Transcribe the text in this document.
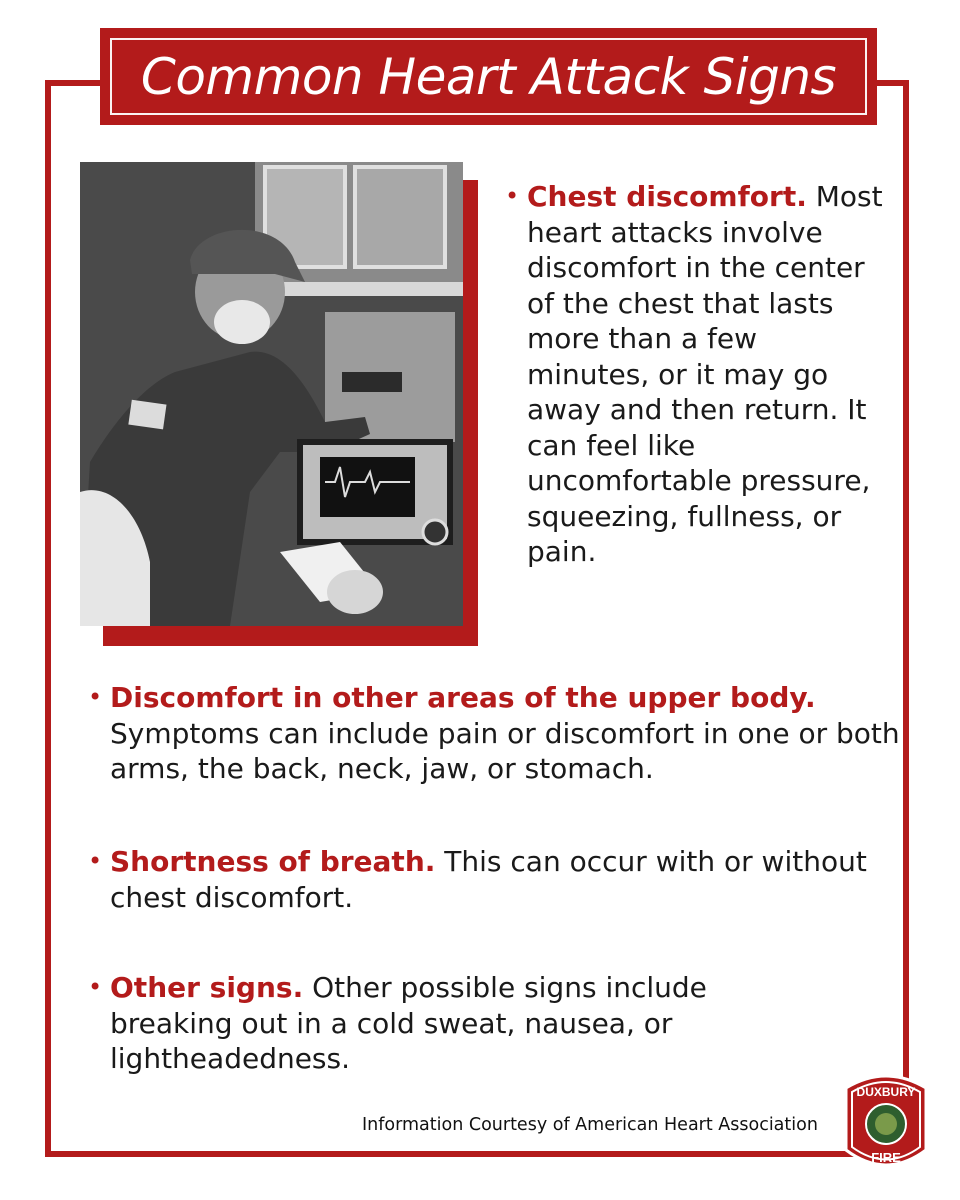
Common Heart Attack Signs
• Chest discomfort. Most heart attacks involve discomfort in the center of the chest that lasts more than a few minutes, or it may go away and then return. It can feel like uncomfortable pressure, squeezing, fullness, or pain.
• Discomfort in other areas of the upper body. Symptoms can include pain or discomfort in one or both arms, the back, neck, jaw, or stomach.
• Shortness of breath. This can occur with or without chest discomfort.
• Other signs. Other possible signs include breaking out in a cold sweat, nausea, or lightheadedness.
Information Courtesy of American Heart Association
DUXBURY
FIRE
